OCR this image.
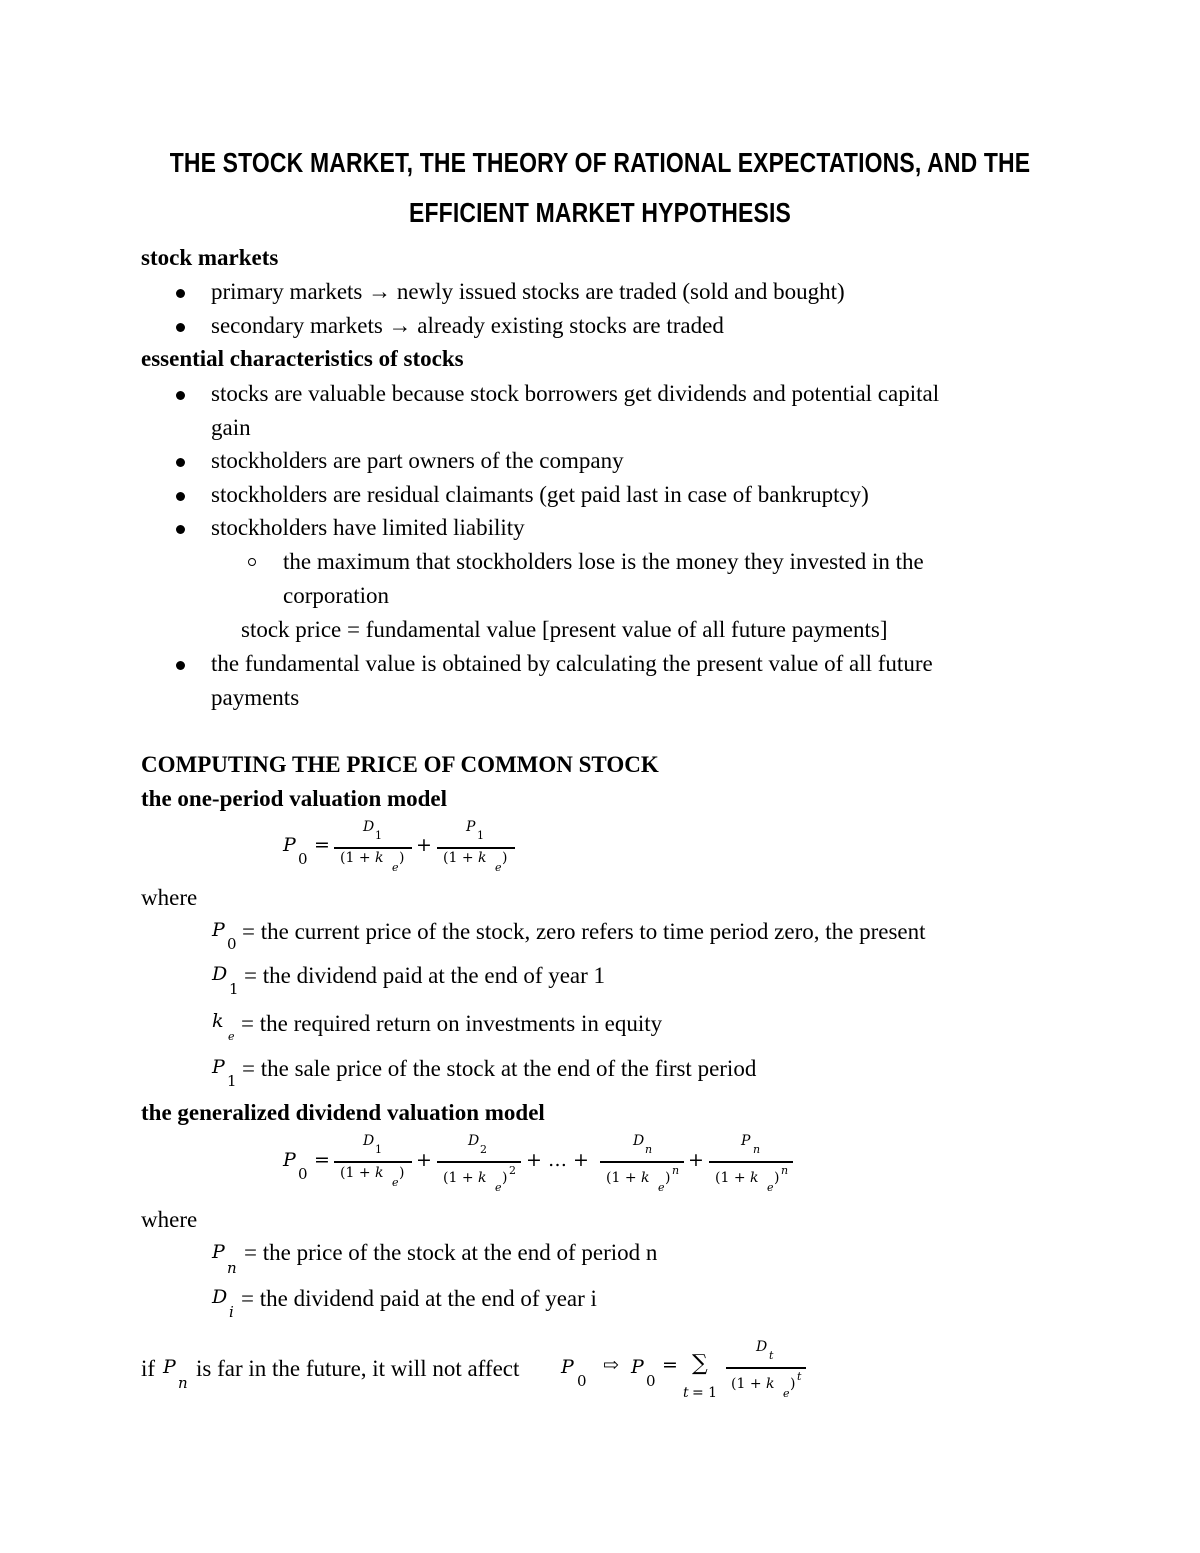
THE STOCK MARKET, THE THEORY OF RATIONAL EXPECTATIONS, AND THE
EFFICIENT MARKET HYPOTHESIS
stock markets
primary markets → newly issued stocks are traded (sold and bought)
secondary markets → already existing stocks are traded
essential characteristics of stocks
stocks are valuable because stock borrowers get dividends and potential capital
gain
stockholders are part owners of the company
stockholders are residual claimants (get paid last in case of bankruptcy)
stockholders have limited liability
the maximum that stockholders lose is the money they invested in the
corporation
stock price = fundamental value [present value of all future payments]
the fundamental value is obtained by calculating the present value of all future
payments
COMPUTING THE PRICE OF COMMON STOCK
the one-period valuation model
P
0
=
D
1
(1 + k
e
)
+
P
1
(1 + k
e
)
where
P
0 = the current price of the stock, zero refers to time period zero, the present
D
1
= the dividend paid at the end of year 1
k
e
= the required return on investments in equity
P
1 = the sale price of the stock at the end of the first period
the generalized dividend valuation model
P
0
=
D
1
(1 + k
e
)
+
D
2
(1 + k
e
) 2 + … +
D
n
(1 + k
e
) n +
P
n
(1 + k
e
) n
where
P
n
= the price of the stock at the end of period n
D
i
= the dividend paid at the end of year i
if P
n
is far in the future, it will not affect P
0
⇨ P
0
= ∑
t = 1
D
t
(1 + k
e
) t
